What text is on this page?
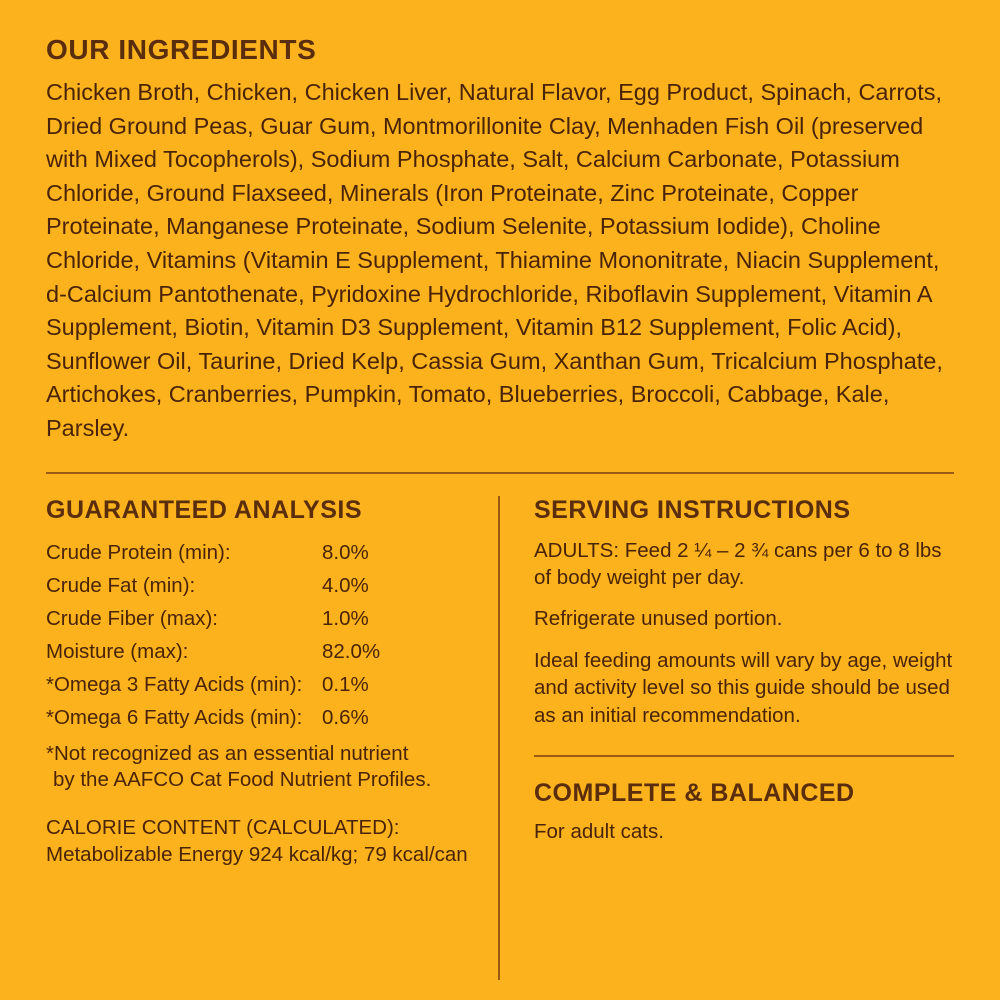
OUR INGREDIENTS

Chicken Broth, Chicken, Chicken Liver, Natural Flavor, Egg Product, Spinach, Carrots, Dried Ground Peas, Guar Gum, Montmorillonite Clay, Menhaden Fish Oil (preserved with Mixed Tocopherols), Sodium Phosphate, Salt, Calcium Carbonate, Potassium Chloride, Ground Flaxseed, Minerals (Iron Proteinate, Zinc Proteinate, Copper Proteinate, Manganese Proteinate, Sodium Selenite, Potassium Iodide), Choline Chloride, Vitamins (Vitamin E Supplement, Thiamine Mononitrate, Niacin Supplement, d-Calcium Pantothenate, Pyridoxine Hydrochloride, Riboflavin Supplement, Vitamin A Supplement, Biotin, Vitamin D3 Supplement, Vitamin B12 Supplement, Folic Acid), Sunflower Oil, Taurine, Dried Kelp, Cassia Gum, Xanthan Gum, Tricalcium Phosphate, Artichokes, Cranberries, Pumpkin, Tomato, Blueberries, Broccoli, Cabbage, Kale, Parsley.

GUARANTEED ANALYSIS
Crude Protein (min):	8.0%
Crude Fat (min):	4.0%
Crude Fiber (max):	1.0%
Moisture (max):	82.0%
*Omega 3 Fatty Acids (min):	0.1%
*Omega 6 Fatty Acids (min):	0.6%

*Not recognized as an essential nutrient
by the AAFCO Cat Food Nutrient Profiles.

CALORIE CONTENT (CALCULATED):
Metabolizable Energy 924 kcal/kg; 79 kcal/can

SERVING INSTRUCTIONS

ADULTS: Feed 2 ¼ – 2 ¾ cans per 6 to 8 lbs of body weight per day.

Refrigerate unused portion.

Ideal feeding amounts will vary by age, weight and activity level so this guide should be used as an initial recommendation.

COMPLETE & BALANCED

For adult cats.
